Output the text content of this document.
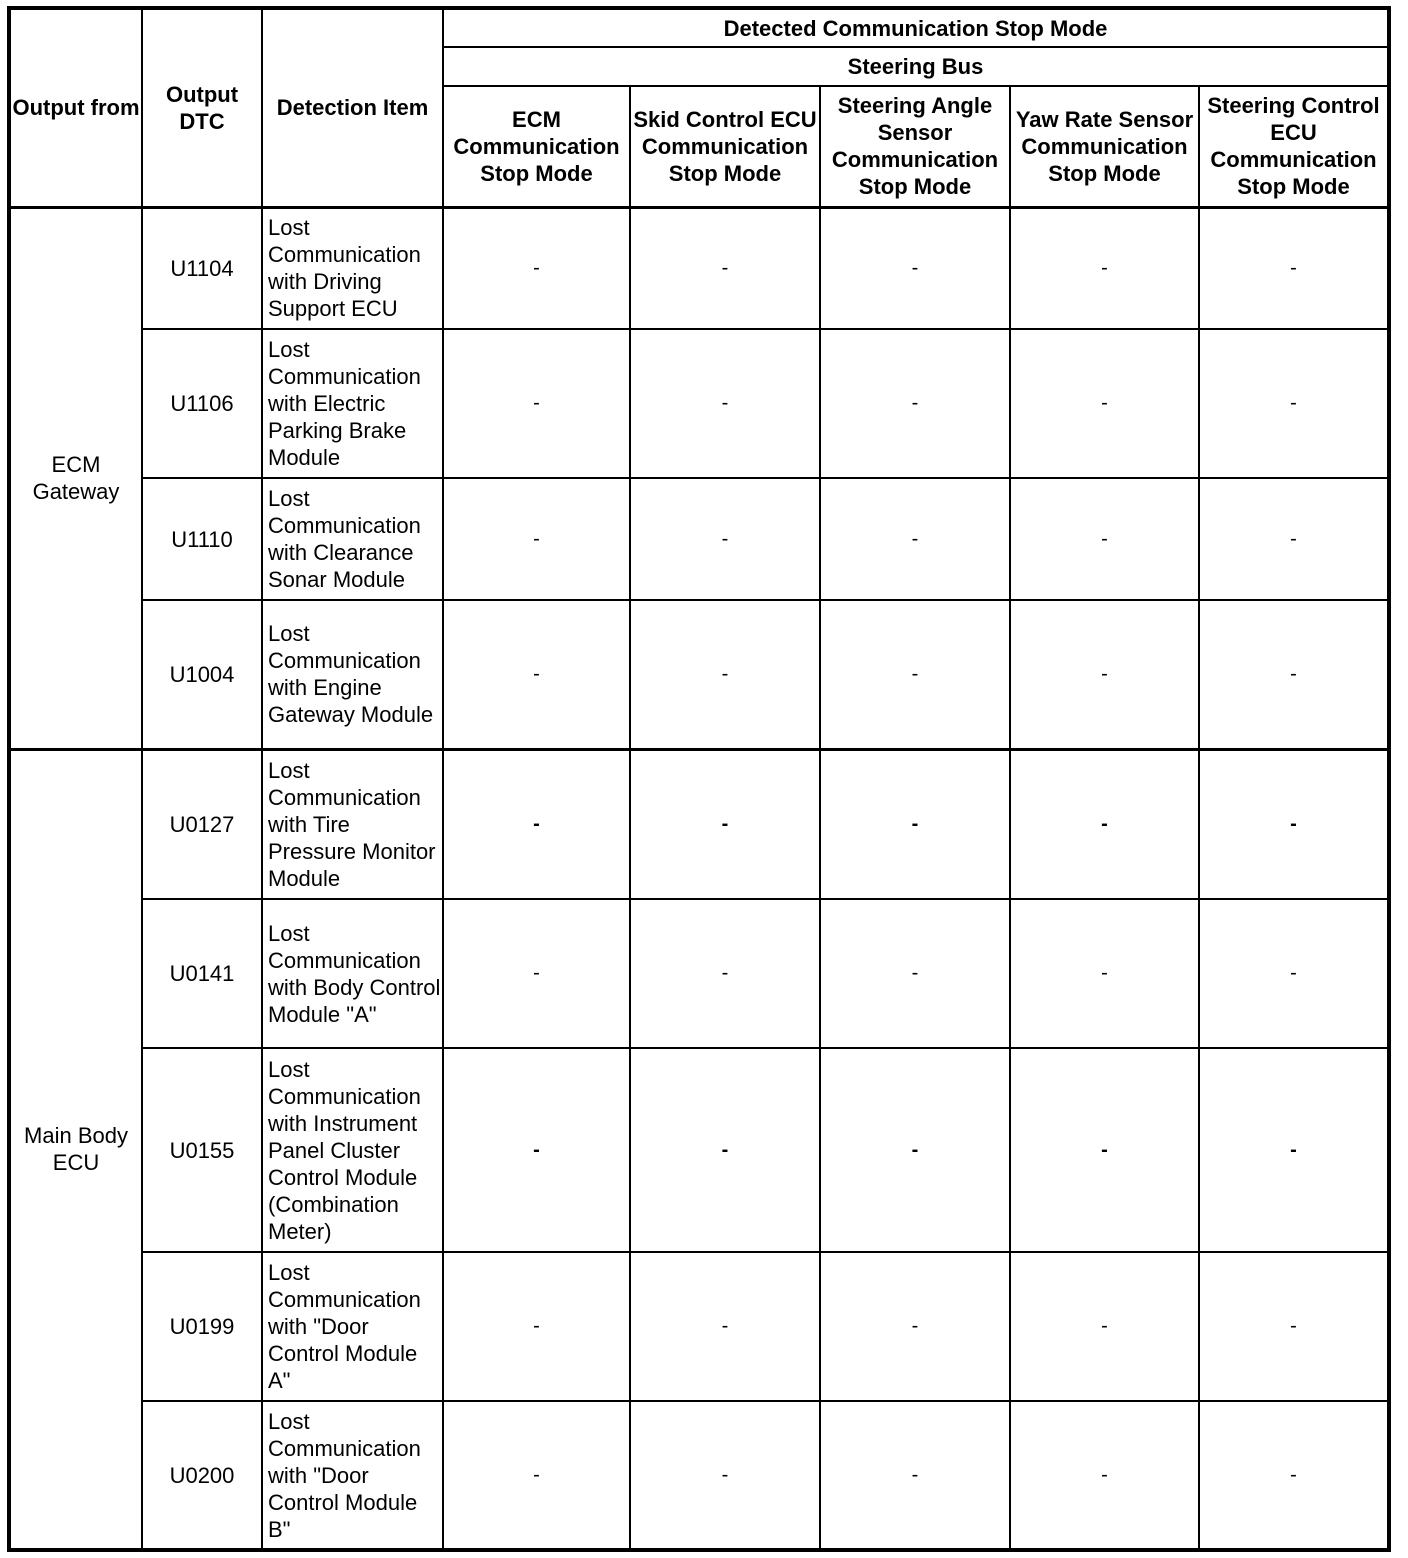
Output from	Output DTC	Detection Item	Detected Communication Stop Mode				
			Steering Bus				
			ECM Communication Stop Mode	Skid Control ECU Communication Stop Mode	Steering Angle Sensor Communication Stop Mode	Yaw Rate Sensor Communication Stop Mode	Steering Control ECU Communication Stop Mode
ECM Gateway	U1104	Lost Communication with Driving Support ECU	-	-	-	-	-
	U1106	Lost Communication with Electric Parking Brake Module	-	-	-	-	-
	U1110	Lost Communication with Clearance Sonar Module	-	-	-	-	-
	U1004	Lost Communication with Engine Gateway Module	-	-	-	-	-
Main Body ECU	U0127	Lost Communication with Tire Pressure Monitor Module	-	-	-	-	-
	U0141	Lost Communication with Body Control Module "A"	-	-	-	-	-
	U0155	Lost Communication with Instrument Panel Cluster Control Module (Combination Meter)	-	-	-	-	-
	U0199	Lost Communication with "Door Control Module A"	-	-	-	-	-
	U0200	Lost Communication with "Door Control Module B"	-	-	-	-	-
